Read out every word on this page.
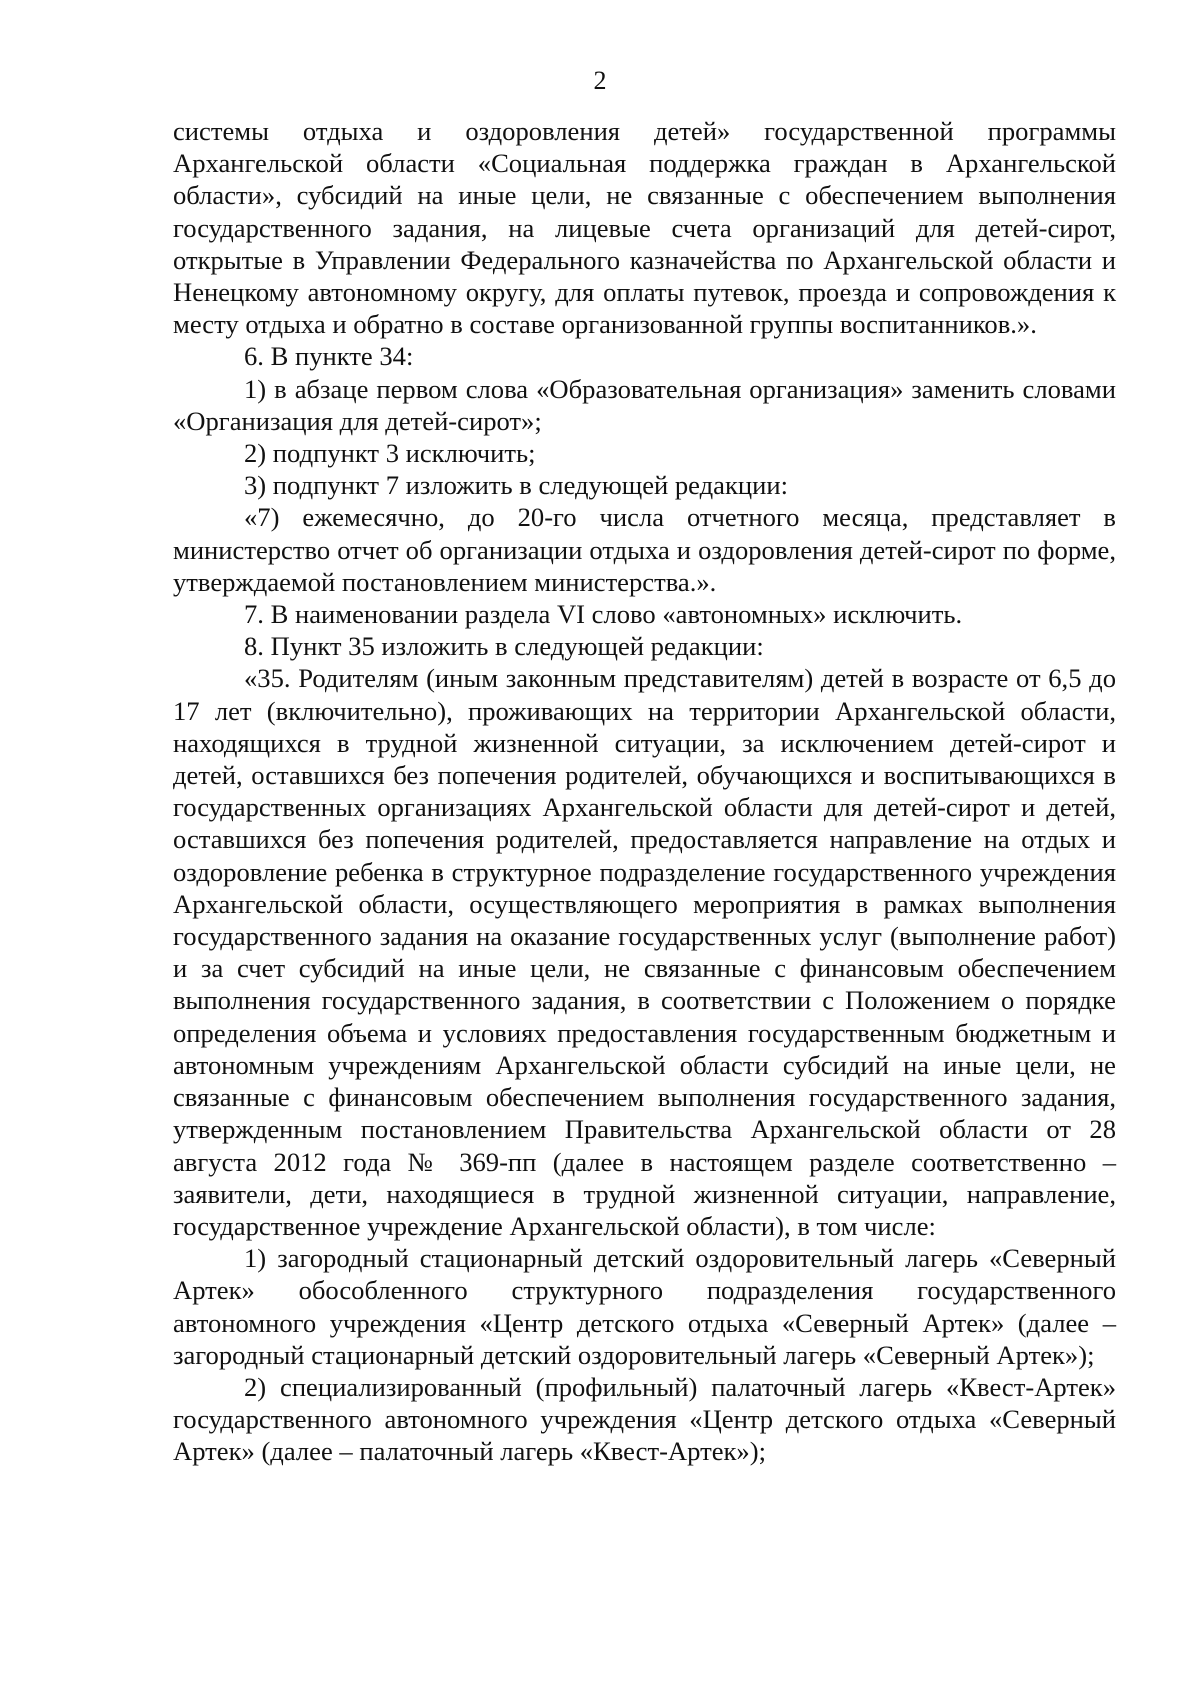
2

системы отдыха и оздоровления детей» государственной программы Архангельской области «Социальная поддержка граждан в Архангельской области», субсидий на иные цели, не связанные с обеспечением выполнения государственного задания, на лицевые счета организаций для детей-сирот, открытые в Управлении Федерального казначейства по Архангельской области и Ненецкому автономному округу, для оплаты путевок, проезда и сопровождения к месту отдыха и обратно в составе организованной группы воспитанников.».

6. В пункте 34:

1) в абзаце первом слова «Образовательная организация» заменить словами «Организация для детей-сирот»;

2) подпункт 3 исключить;

3) подпункт 7 изложить в следующей редакции:

«7) ежемесячно, до 20-го числа отчетного месяца, представляет в министерство отчет об организации отдыха и оздоровления детей-сирот по форме, утверждаемой постановлением министерства.».

7. В наименовании раздела VI слово «автономных» исключить.

8. Пункт 35 изложить в следующей редакции:

«35. Родителям (иным законным представителям) детей в возрасте от 6,5 до 17 лет (включительно), проживающих на территории Архангельской области, находящихся в трудной жизненной ситуации, за исключением детей-сирот и детей, оставшихся без попечения родителей, обучающихся и воспитывающихся в государственных организациях Архангельской области для детей-сирот и детей, оставшихся без попечения родителей, предоставляется направление на отдых и оздоровление ребенка в структурное подразделение государственного учреждения Архангельской области, осуществляющего мероприятия в рамках выполнения государственного задания на оказание государственных услуг (выполнение работ) и за счет субсидий на иные цели, не связанные с финансовым обеспечением выполнения государственного задания, в соответствии с Положением о порядке определения объема и условиях предоставления государственным бюджетным и автономным учреждениям Архангельской области субсидий на иные цели, не связанные с финансовым обеспечением выполнения государственного задания, утвержденным постановлением Правительства Архангельской области от 28 августа 2012 года № 369-пп (далее в настоящем разделе соответственно – заявители, дети, находящиеся в трудной жизненной ситуации, направление, государственное учреждение Архангельской области), в том числе:

1) загородный стационарный детский оздоровительный лагерь «Северный Артек» обособленного структурного подразделения государственного автономного учреждения «Центр детского отдыха «Северный Артек» (далее – загородный стационарный детский оздоровительный лагерь «Северный Артек»);

2) специализированный (профильный) палаточный лагерь «Квест-Артек» государственного автономного учреждения «Центр детского отдыха «Северный Артек» (далее – палаточный лагерь «Квест-Артек»);
